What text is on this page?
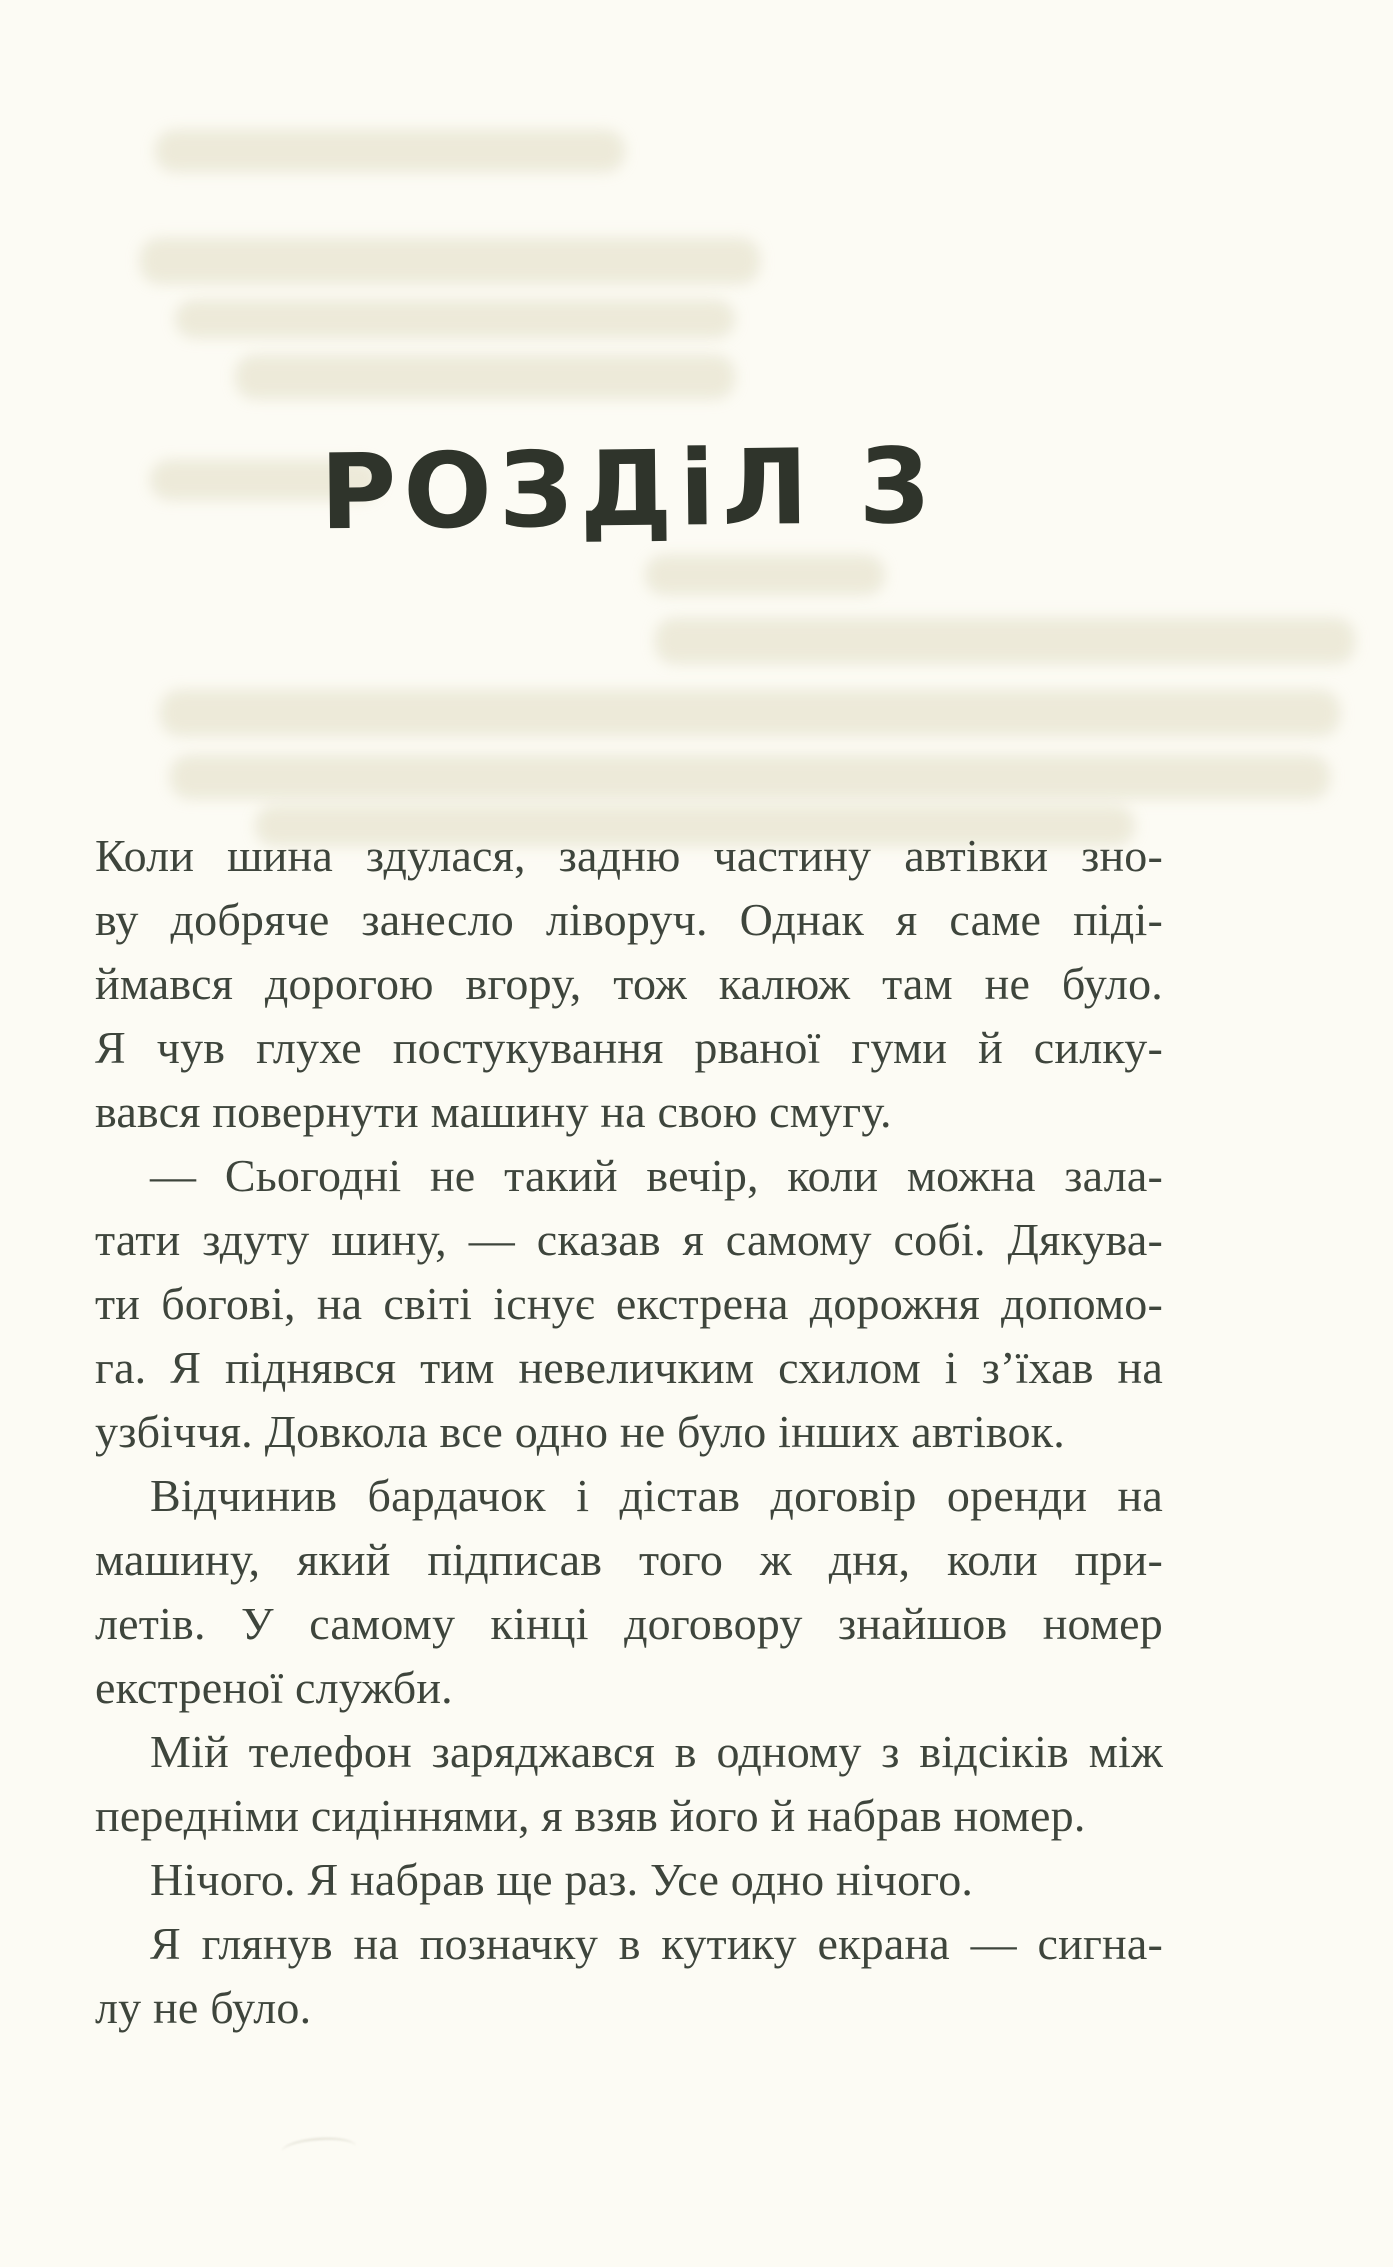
РОЗДіЛ 3
Коли шина здулася, задню частину автівки зно-
ву добряче занесло ліворуч. Однак я саме піді-
ймався дорогою вгору, тож калюж там не було.
Я чув глухе постукування рваної гуми й силку-
вався повернути машину на свою смугу.
— Сьогодні не такий вечір, коли можна зала-
тати здуту шину, — сказав я самому собі. Дякува-
ти богові, на світі існує екстрена дорожня допомо-
га. Я піднявся тим невеличким схилом і з’їхав на
узбіччя. Довкола все одно не було інших автівок.
Відчинив бардачок і дістав договір оренди на
машину, який підписав того ж дня, коли при-
летів. У самому кінці договору знайшов номер
екстреної служби.
Мій телефон заряджався в одному з відсіків між
передніми сидіннями, я взяв його й набрав номер.
Нічого. Я набрав ще раз. Усе одно нічого.
Я глянув на позначку в кутику екрана — сигна-
лу не було.
